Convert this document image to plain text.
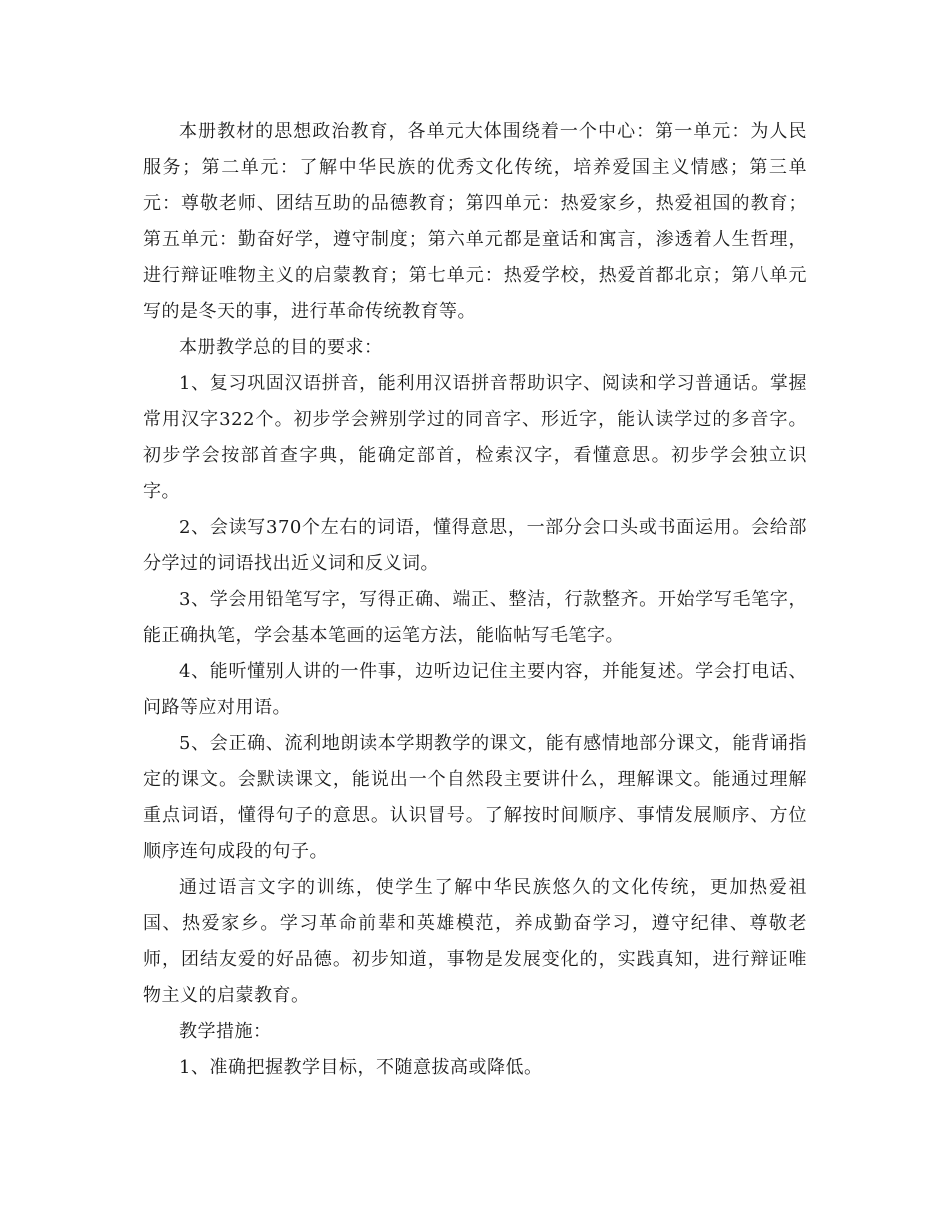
本册教材的思想政治教育，各单元大体围绕着一个中心：第一单元：为人民服务；第二单元：了解中华民族的优秀文化传统，培养爱国主义情感；第三单元：尊敬老师、团结互助的品德教育；第四单元：热爱家乡，热爱祖国的教育；第五单元：勤奋好学，遵守制度；第六单元都是童话和寓言，渗透着人生哲理，进行辩证唯物主义的启蒙教育；第七单元：热爱学校，热爱首都北京；第八单元写的是冬天的事，进行革命传统教育等。

本册教学总的目的要求：

1、复习巩固汉语拼音，能利用汉语拼音帮助识字、阅读和学习普通话。掌握常用汉字322个。初步学会辨别学过的同音字、形近字，能认读学过的多音字。初步学会按部首查字典，能确定部首，检索汉字，看懂意思。初步学会独立识字。

2、会读写370个左右的词语，懂得意思，一部分会口头或书面运用。会给部分学过的词语找出近义词和反义词。

3、学会用铅笔写字，写得正确、端正、整洁，行款整齐。开始学写毛笔字，能正确执笔，学会基本笔画的运笔方法，能临帖写毛笔字。

4、能听懂别人讲的一件事，边听边记住主要内容，并能复述。学会打电话、问路等应对用语。

5、会正确、流利地朗读本学期教学的课文，能有感情地部分课文，能背诵指定的课文。会默读课文，能说出一个自然段主要讲什么，理解课文。能通过理解重点词语，懂得句子的意思。认识冒号。了解按时间顺序、事情发展顺序、方位顺序连句成段的句子。

通过语言文字的训练，使学生了解中华民族悠久的文化传统，更加热爱祖国、热爱家乡。学习革命前辈和英雄模范，养成勤奋学习，遵守纪律、尊敬老师，团结友爱的好品德。初步知道，事物是发展变化的，实践真知，进行辩证唯物主义的启蒙教育。

教学措施：

1、准确把握教学目标，不随意拔高或降低。
